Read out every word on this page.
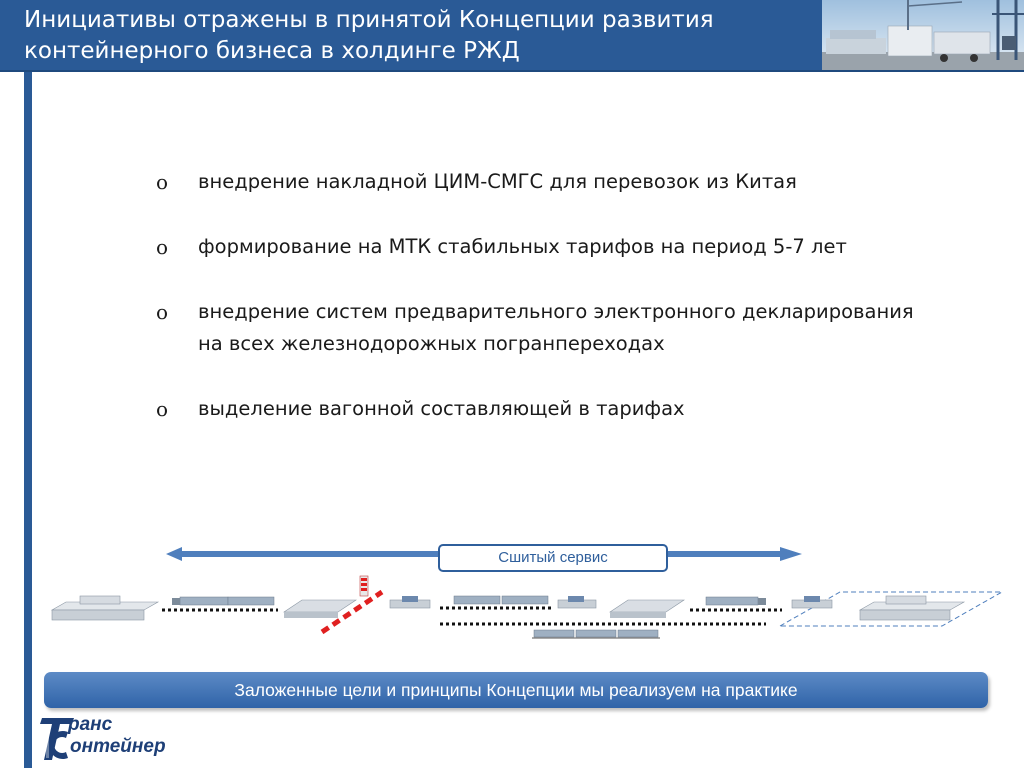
Инициативы отражены в принятой Концепции развития
контейнерного бизнеса в холдинге РЖД
o внедрение накладной ЦИМ-СМГС для перевозок из Китая
o формирование на МТК стабильных тарифов на период 5-7 лет
o внедрение систем предварительного электронного декларирования
на всех железнодорожных погранпереходах
o выделение вагонной составляющей в тарифах
Сшитый сервис
Заложенные цели и принципы Концепции мы реализуем на практике
ранс
онтейнер
